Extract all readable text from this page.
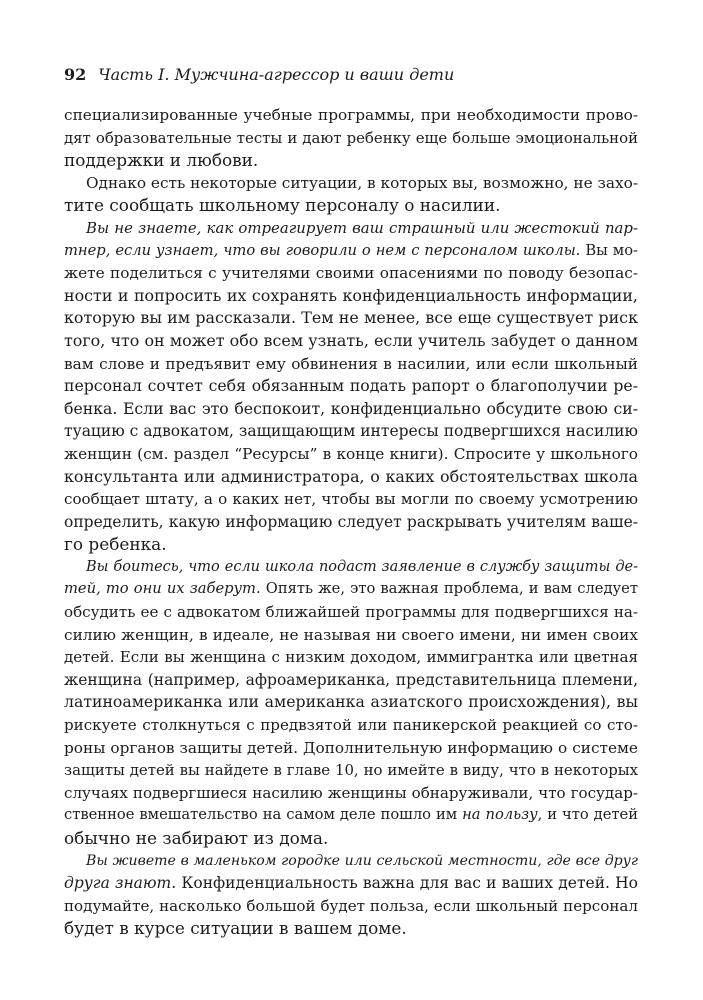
92 Часть I. Мужчина-агрессор и ваши дети
специализированные учебные программы, при необходимости прово-
дят образовательные тесты и дают ребенку еще больше эмоциональной
поддержки и любови.
Однако есть некоторые ситуации, в которых вы, возможно, не захо-
тите сообщать школьному персоналу о насилии.
Вы не знаете, как отреагирует ваш страшный или жестокий пар-
тнер, если узнает, что вы говорили о нем с персоналом школы. Вы мо-
жете поделиться с учителями своими опасениями по поводу безопас-
ности и попросить их сохранять конфиденциальность информации,
которую вы им рассказали. Тем не менее, все еще существует риск
того, что он может обо всем узнать, если учитель забудет о данном
вам слове и предъявит ему обвинения в насилии, или если школьный
персонал сочтет себя обязанным подать рапорт о благополучии ре-
бенка. Если вас это беспокоит, конфиденциально обсудите свою си-
туацию с адвокатом, защищающим интересы подвергшихся насилию
женщин (см. раздел “Ресурсы” в конце книги). Спросите у школьного
консультанта или администратора, о каких обстоятельствах школа
сообщает штату, а о каких нет, чтобы вы могли по своему усмотрению
определить, какую информацию следует раскрывать учителям ваше-
го ребенка.
Вы боитесь, что если школа подаст заявление в службу защиты де-
тей, то они их заберут. Опять же, это важная проблема, и вам следует
обсудить ее с адвокатом ближайшей программы для подвергшихся на-
силию женщин, в идеале, не называя ни своего имени, ни имен своих
детей. Если вы женщина с низким доходом, иммигрантка или цветная
женщина (например, афроамериканка, представительница племени,
латиноамериканка или американка азиатского происхождения), вы
рискуете столкнуться с предвзятой или паникерской реакцией со сто-
роны органов защиты детей. Дополнительную информацию о системе
защиты детей вы найдете в главе 10, но имейте в виду, что в некоторых
случаях подвергшиеся насилию женщины обнаруживали, что государ-
ственное вмешательство на самом деле пошло им на пользу, и что детей
обычно не забирают из дома.
Вы живете в маленьком городке или сельской местности, где все друг
друга знают. Конфиденциальность важна для вас и ваших детей. Но
подумайте, насколько большой будет польза, если школьный персонал
будет в курсе ситуации в вашем доме.
